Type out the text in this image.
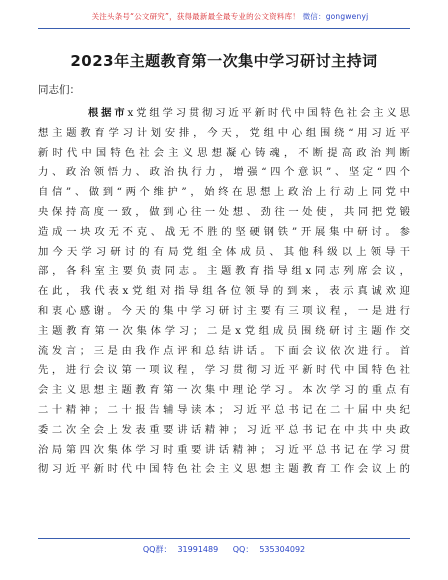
关注头条号“公文研究”，获得最新最全最专业的公文资料库！ 微信：gongwenyj
2023年主题教育第一次集中学习研讨主持词
同志们：
根据市x党组学习贯彻习近平新时代中国特色社会主义思
想主题教育学习计划安排，今天，党组中心组围绕“用习近平
新时代中国特色社会主义思想凝心铸魂，不断提高政治判断
力、政治领悟力、政治执行力，增强“四个意识”、坚定“四个
自信”、做到“两个维护”，始终在思想上政治上行动上同党中
央保持高度一致，做到心往一处想、劲往一处使，共同把党锻
造成一块攻无不克、战无不胜的坚硬钢铁”开展集中研讨。参
加今天学习研讨的有局党组全体成员、其他科级以上领导干
部，各科室主要负责同志。主题教育指导组x同志列席会议，
在此，我代表x党组对指导组各位领导的到来，表示真诚欢迎
和衷心感谢。今天的集中学习研讨主要有三项议程，一是进行
主题教育第一次集体学习；二是x党组成员围绕研讨主题作交
流发言；三是由我作点评和总结讲话。下面会议依次进行。首
先，进行会议第一项议程，学习贯彻习近平新时代中国特色社
会主义思想主题教育第一次集中理论学习。本次学习的重点有
二十精神；二十报告辅导读本；习近平总书记在二十届中央纪
委二次全会上发表重要讲话精神；习近平总书记在中共中央政
治局第四次集体学习时重要讲话精神；习近平总书记在学习贯
彻习近平新时代中国特色社会主义思想主题教育工作会议上的
QQ群： 31991489 QQ： 535304092
